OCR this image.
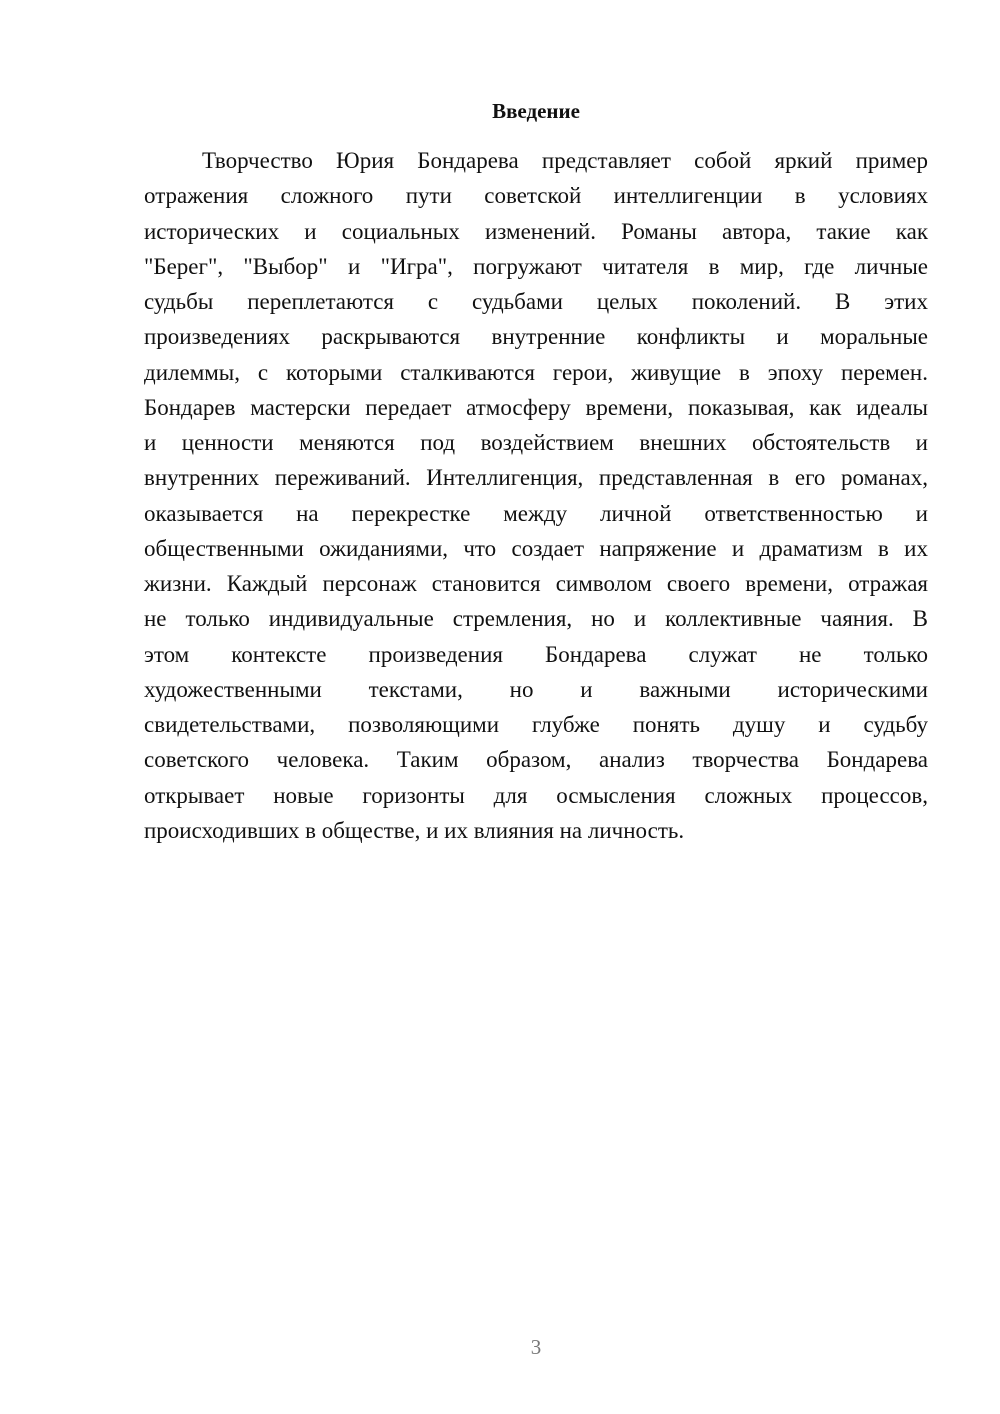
Введение
Творчество Юрия Бондарева представляет собой яркий пример
отражения сложного пути советской интеллигенции в условиях
исторических и социальных изменений. Романы автора, такие как
"Берег", "Выбор" и "Игра", погружают читателя в мир, где личные
судьбы переплетаются с судьбами целых поколений. В этих
произведениях раскрываются внутренние конфликты и моральные
дилеммы, с которыми сталкиваются герои, живущие в эпоху перемен.
Бондарев мастерски передает атмосферу времени, показывая, как идеалы
и ценности меняются под воздействием внешних обстоятельств и
внутренних переживаний. Интеллигенция, представленная в его романах,
оказывается на перекрестке между личной ответственностью и
общественными ожиданиями, что создает напряжение и драматизм в их
жизни. Каждый персонаж становится символом своего времени, отражая
не только индивидуальные стремления, но и коллективные чаяния. В
этом контексте произведения Бондарева служат не только
художественными текстами, но и важными историческими
свидетельствами, позволяющими глубже понять душу и судьбу
советского человека. Таким образом, анализ творчества Бондарева
открывает новые горизонты для осмысления сложных процессов,
происходивших в обществе, и их влияния на личность.
3
